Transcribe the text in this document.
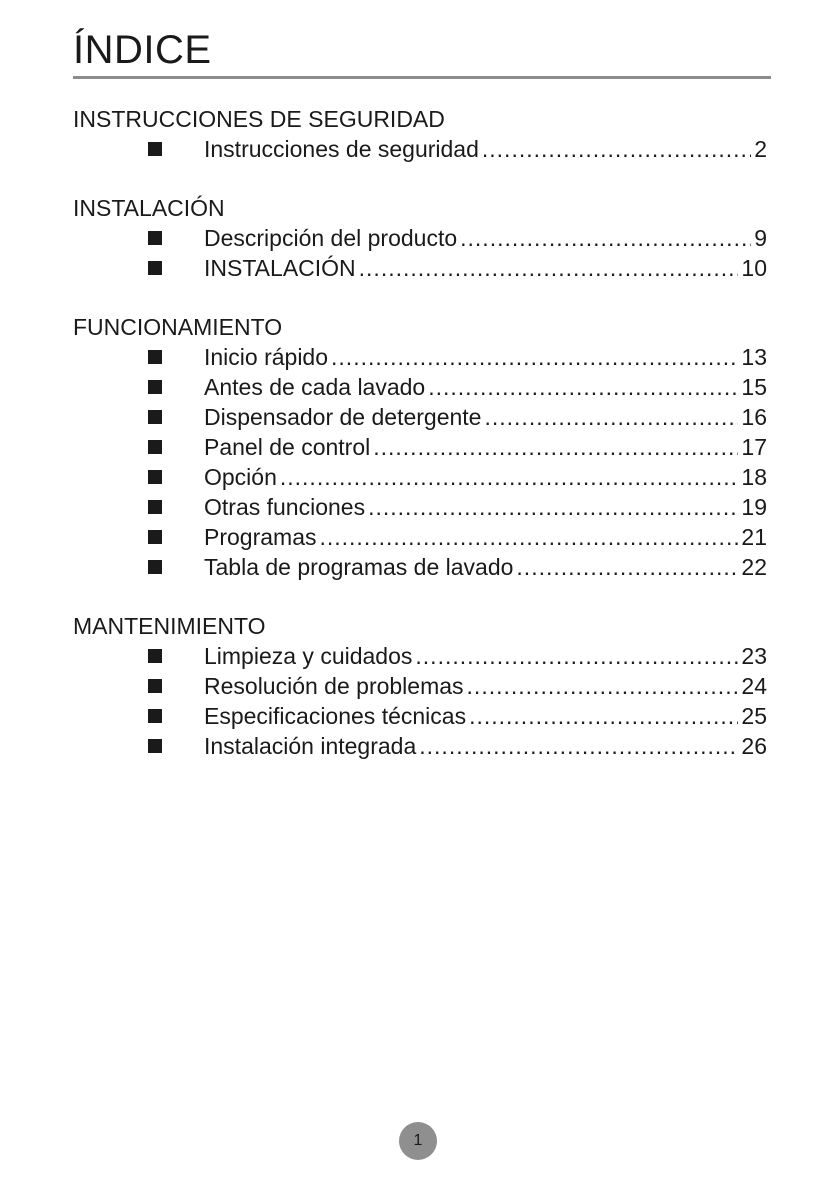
ÍNDICE
INSTRUCCIONES DE SEGURIDAD
Instrucciones de seguridad .....	2
INSTALACIÓN
Descripción del producto .....	9
INSTALACIÓN .....	10
FUNCIONAMIENTO
Inicio rápido .....	13
Antes de cada lavado .....	15
Dispensador de detergente .....	16
Panel de control .....	17
Opción .....	18
Otras funciones .....	19
Programas .....	21
Tabla de programas de lavado .....	22
MANTENIMIENTO
Limpieza y cuidados .....	23
Resolución de problemas .....	24
Especificaciones técnicas .....	25
Instalación integrada .....	26
1
